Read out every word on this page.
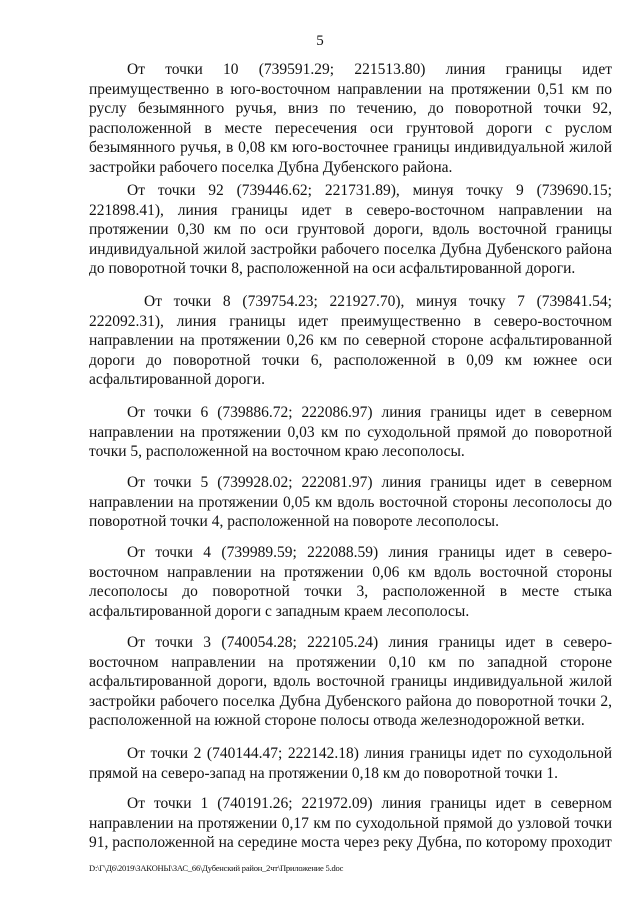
5

От точки 10 (739591.29; 221513.80) линия границы идет преимущественно в юго-восточном направлении на протяжении 0,51 км по руслу безымянного ручья, вниз по течению, до поворотной точки 92, расположенной в месте пересечения оси грунтовой дороги с руслом безымянного ручья, в 0,08 км юго-восточнее границы индивидуальной жилой застройки рабочего поселка Дубна Дубенского района.

От точки 92 (739446.62; 221731.89), минуя точку 9 (739690.15; 221898.41), линия границы идет в северо-восточном направлении на протяжении 0,30 км по оси грунтовой дороги, вдоль восточной границы индивидуальной жилой застройки рабочего поселка Дубна Дубенского района до поворотной точки 8, расположенной на оси асфальтированной дороги.

От точки 8 (739754.23; 221927.70), минуя точку 7 (739841.54; 222092.31), линия границы идет преимущественно в северо-восточном направлении на протяжении 0,26 км по северной стороне асфальтированной дороги до поворотной точки 6, расположенной в 0,09 км южнее оси асфальтированной дороги.

От точки 6 (739886.72; 222086.97) линия границы идет в северном направлении на протяжении 0,03 км по суходольной прямой до поворотной точки 5, расположенной на восточном краю лесополосы.

От точки 5 (739928.02; 222081.97) линия границы идет в северном направлении на протяжении 0,05 км вдоль восточной стороны лесополосы до поворотной точки 4, расположенной на повороте лесополосы.

От точки 4 (739989.59; 222088.59) линия границы идет в северо-восточном направлении на протяжении 0,06 км вдоль восточной стороны лесополосы до поворотной точки 3, расположенной в месте стыка асфальтированной дороги с западным краем лесополосы.

От точки 3 (740054.28; 222105.24) линия границы идет в северо-восточном направлении на протяжении 0,10 км по западной стороне асфальтированной дороги, вдоль восточной границы индивидуальной жилой застройки рабочего поселка Дубна Дубенского района до поворотной точки 2, расположенной на южной стороне полосы отвода железнодорожной ветки.

От точки 2 (740144.47; 222142.18) линия границы идет по суходольной прямой на северо-запад на протяжении 0,18 км до поворотной точки 1.

От точки 1 (740191.26; 221972.09) линия границы идет в северном направлении на протяжении 0,17 км по суходольной прямой до узловой точки 91, расположенной на середине моста через реку Дубна, по которому проходит

D:\Г\Д6\2019\ЗАКОНЫ\ЗАС_66\Дубенский район_2чт\Приложение 5.doc
